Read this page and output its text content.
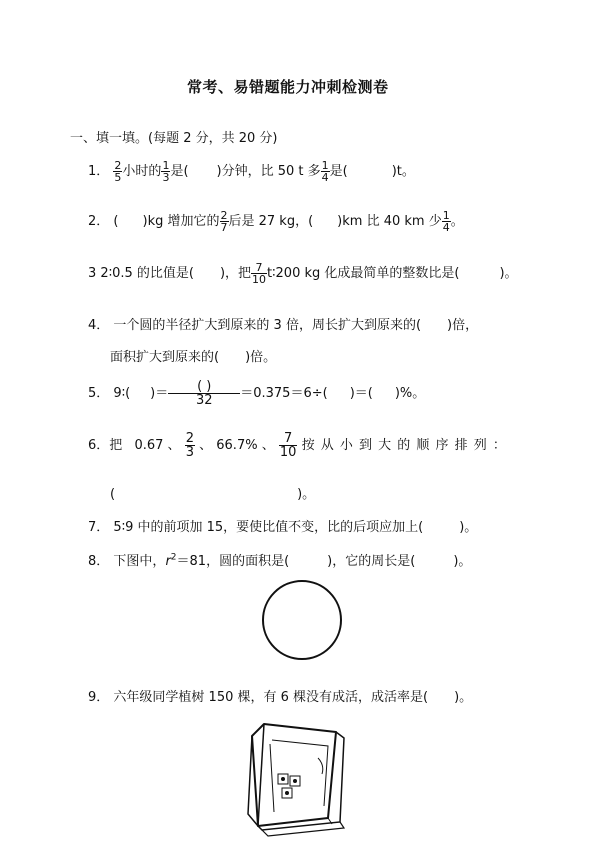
常考、易错题能力冲刺检测卷
一、填一填。(每题 2 分，共 20 分)
1． $\frac{2}{5}$ 小时的 $\frac{1}{3}$ 是( )分钟，比 50 t 多 $\frac{1}{4}$ 是(	)t。
2． ( )kg 增加它的 $\frac{2}{7}$ 后是 27 kg，( )km 比 40 km 少 $\frac{1}{4}$ 。
3 2∶0.5 的比值是( )，把 $\frac{7}{10}$ t∶200 kg 化成最简单的整数比是(	)。
4． 一个圆的半径扩大到原来的 3 倍，周长扩大到原来的( )倍，
面积扩大到原来的( )倍。
5． 9∶( )＝ $\frac{( )}{32} =0.375=6\div$( )＝( )%。
6．把 0.67 、 $\frac{2}{3}$ 、 66.7% 、 $\frac{7}{10}$ 按 从 小 到 大 的 顺 序 排 列 ：
(	)。
7． 5∶9 中的前项加 15，要使比值不变，比的后项应加上(	)。
8． 下图中，$r^2=81$，圆的面积是(	)，它的周长是(	)。
9． 六年级同学植树 150 棵，有 6 棵没有成活，成活率是( )。
